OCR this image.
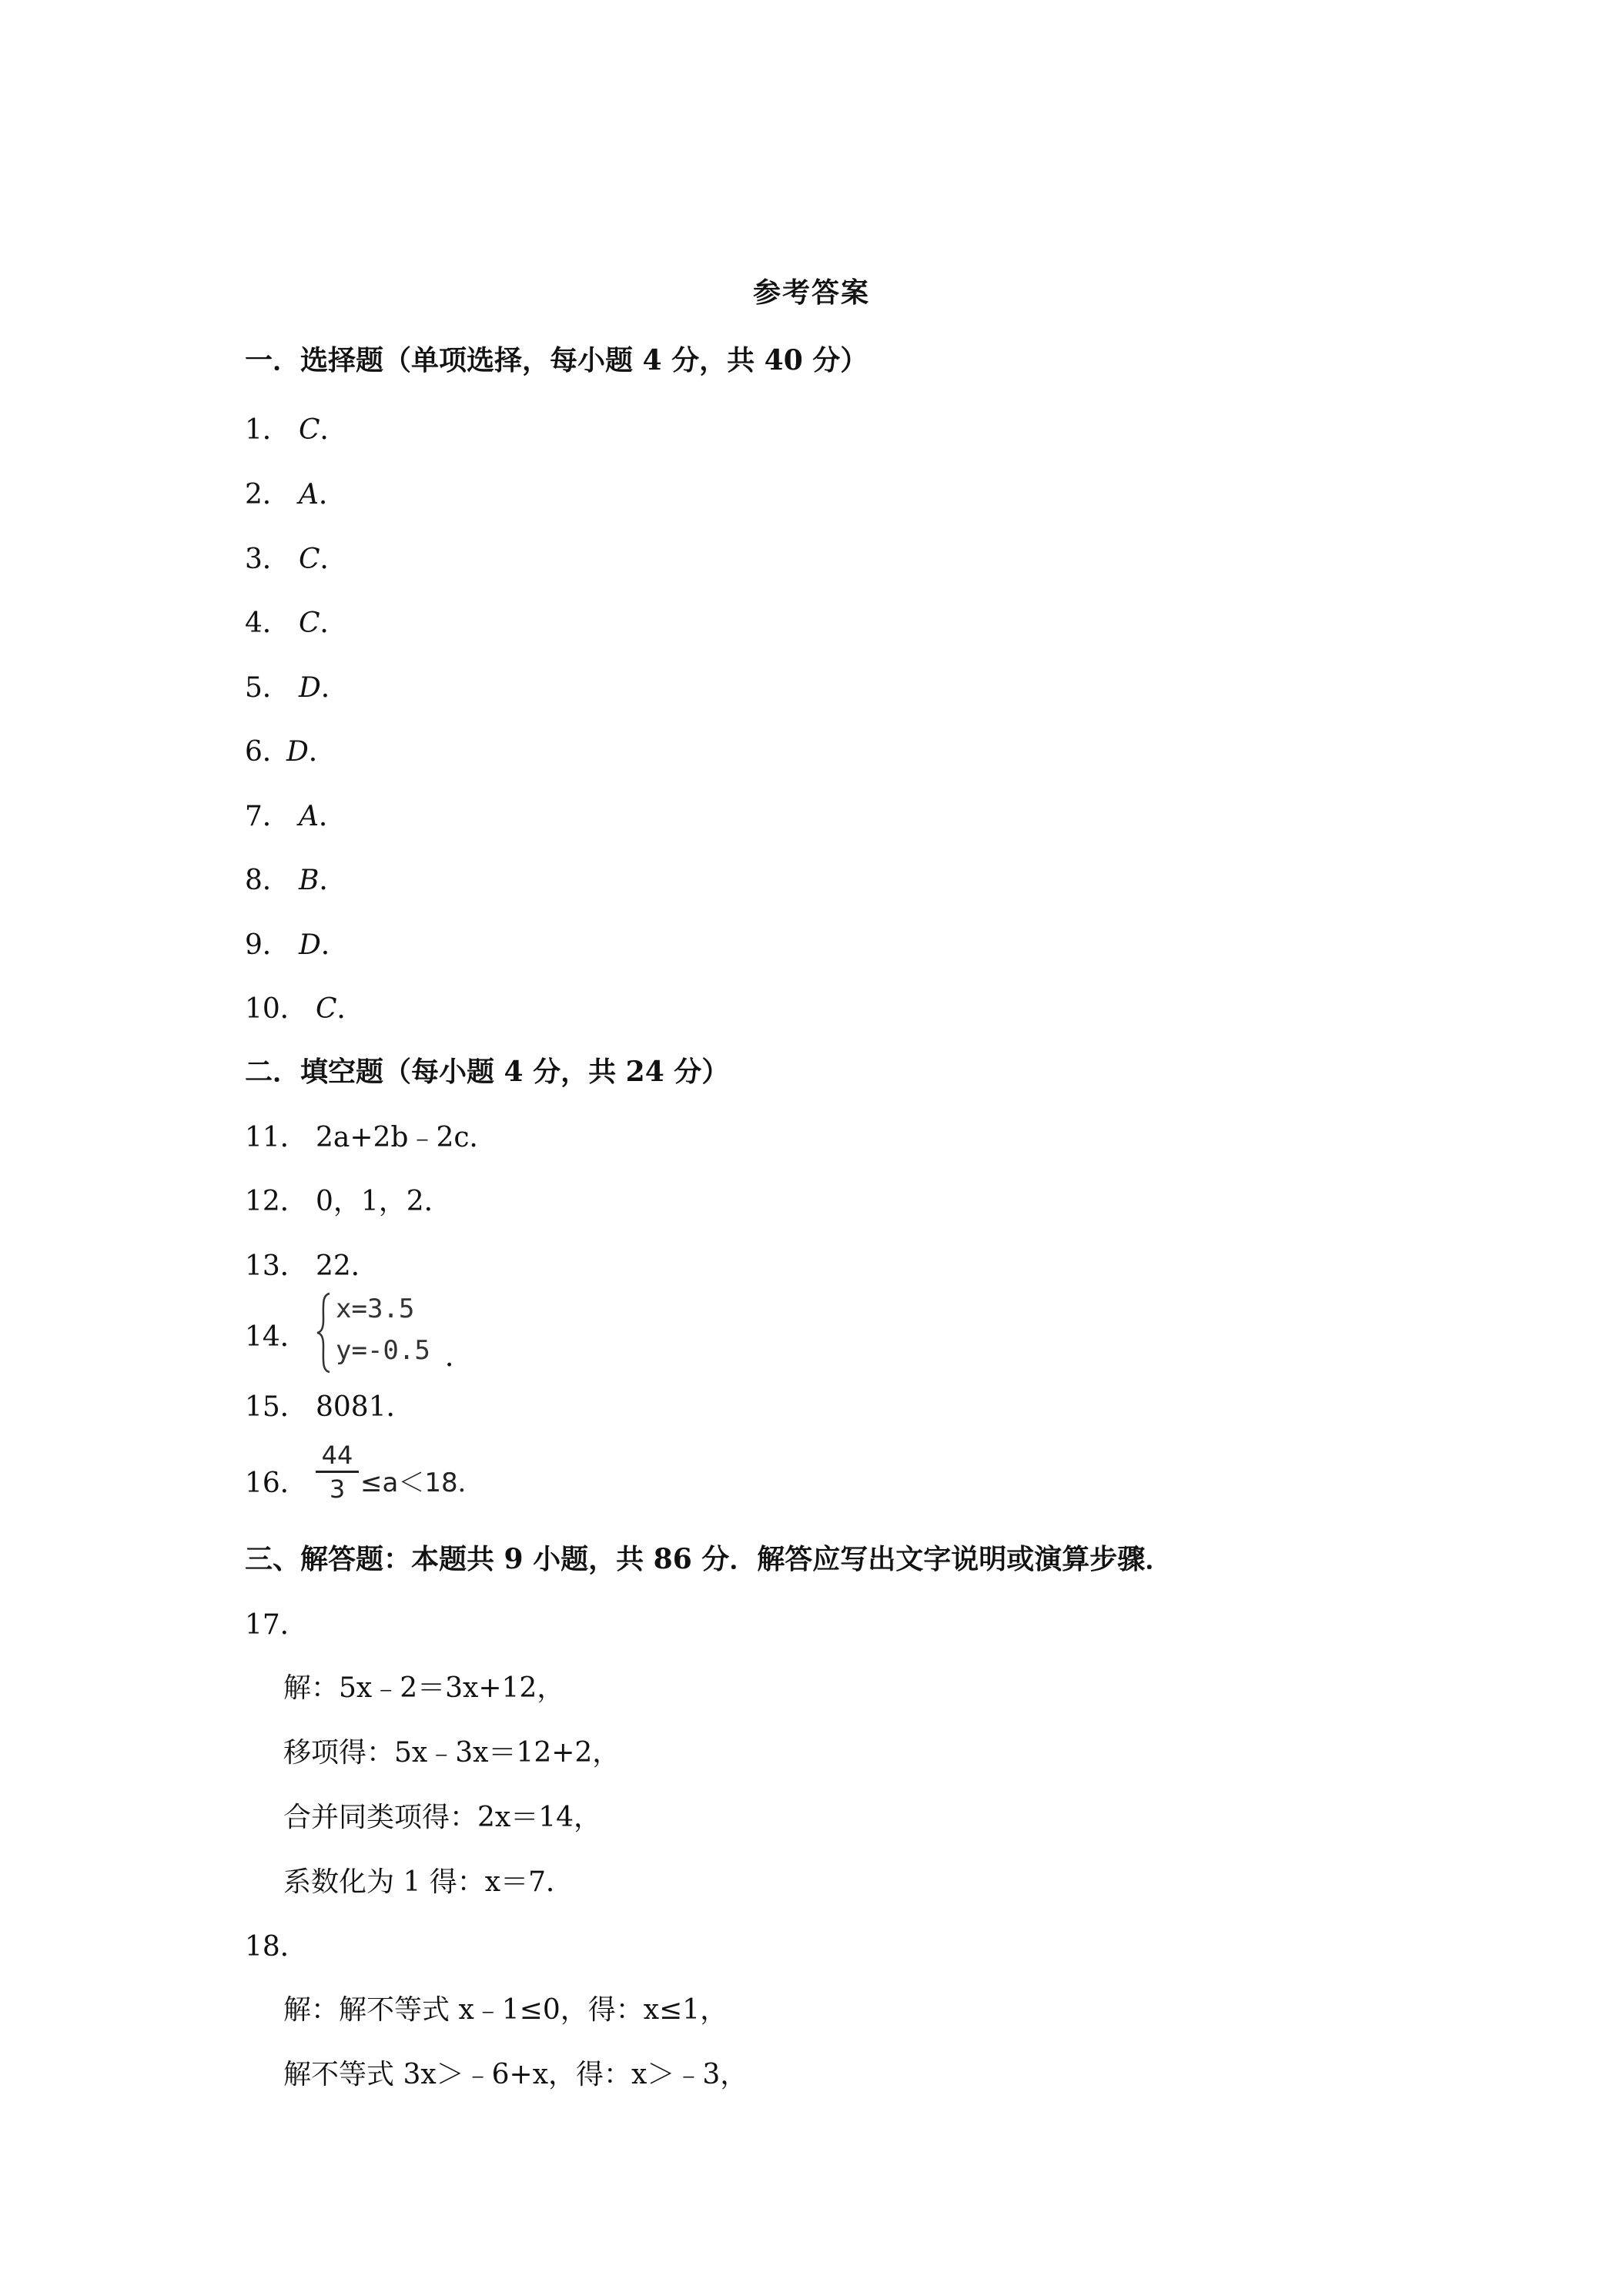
参考答案
一．选择题（单项选择，每小题 4 分，共 40 分）
1． C．
2． A．
3． C．
4． C．
5． D．
6．D．
7． A．
8． B．
9． D．
10． C．
二．填空题（每小题 4 分，共 24 分）
11． 2a+2b﹣2c．
12． 0，1，2．
13． 22．
14．
x=3.5
y=-0.5 ．
15． 8081．
16． $\frac{44}{3} \le a<18$．
三、解答题：本题共 9 小题，共 86 分．解答应写出文字说明或演算步骤．
17．
解：5x﹣2＝3x+12，
移项得：5x﹣3x＝12+2，
合并同类项得：2x＝14，
系数化为 1 得：x＝7．
18．
解：解不等式 x﹣1≤0，得：x≤1，
解不等式 3x＞﹣6+x，得：x＞﹣3，
